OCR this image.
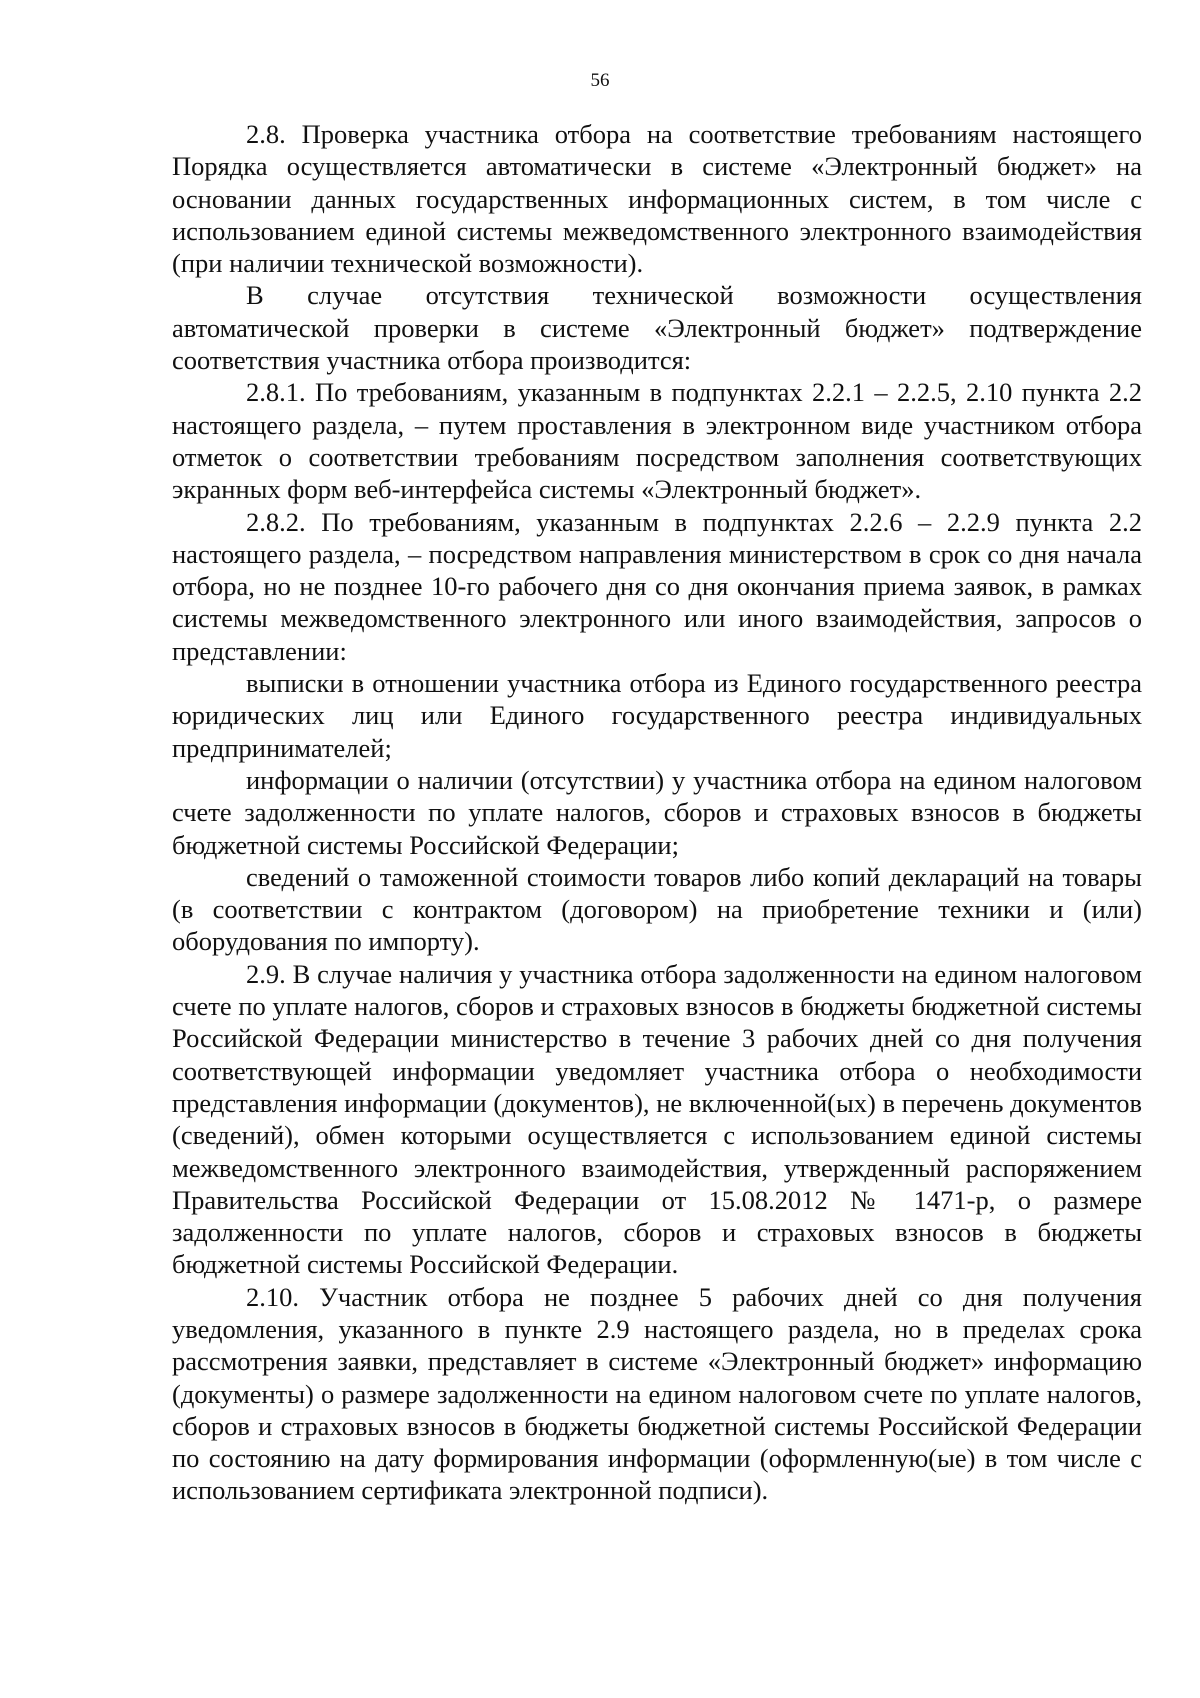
56

2.8. Проверка участника отбора на соответствие требованиям настоящего Порядка осуществляется автоматически в системе «Электронный бюджет» на основании данных государственных информационных систем, в том числе с использованием единой системы межведомственного электронного взаимодействия (при наличии технической возможности).

В случае отсутствия технической возможности осуществления автоматической проверки в системе «Электронный бюджет» подтверждение соответствия участника отбора производится:

2.8.1. По требованиям, указанным в подпунктах 2.2.1 – 2.2.5, 2.10 пункта 2.2 настоящего раздела, – путем проставления в электронном виде участником отбора отметок о соответствии требованиям посредством заполнения соответствующих экранных форм веб-интерфейса системы «Электронный бюджет».

2.8.2. По требованиям, указанным в подпунктах 2.2.6 – 2.2.9 пункта 2.2 настоящего раздела, – посредством направления министерством в срок со дня начала отбора, но не позднее 10-го рабочего дня со дня окончания приема заявок, в рамках системы межведомственного электронного или иного взаимодействия, запросов о представлении:

выписки в отношении участника отбора из Единого государственного реестра юридических лиц или Единого государственного реестра индивидуальных предпринимателей;

информации о наличии (отсутствии) у участника отбора на едином налоговом счете задолженности по уплате налогов, сборов и страховых взносов в бюджеты бюджетной системы Российской Федерации;

сведений о таможенной стоимости товаров либо копий деклараций на товары (в соответствии с контрактом (договором) на приобретение техники и (или) оборудования по импорту).

2.9. В случае наличия у участника отбора задолженности на едином налоговом счете по уплате налогов, сборов и страховых взносов в бюджеты бюджетной системы Российской Федерации министерство в течение 3 рабочих дней со дня получения соответствующей информации уведомляет участника отбора о необходимости представления информации (документов), не включенной(ых) в перечень документов (сведений), обмен которыми осуществляется с использованием единой системы межведомственного электронного взаимодействия, утвержденный распоряжением Правительства Российской Федерации от 15.08.2012 № 1471-р, о размере задолженности по уплате налогов, сборов и страховых взносов в бюджеты бюджетной системы Российской Федерации.

2.10. Участник отбора не позднее 5 рабочих дней со дня получения уведомления, указанного в пункте 2.9 настоящего раздела, но в пределах срока рассмотрения заявки, представляет в системе «Электронный бюджет» информацию (документы) о размере задолженности на едином налоговом счете по уплате налогов, сборов и страховых взносов в бюджеты бюджетной системы Российской Федерации по состоянию на дату формирования информации (оформленную(ые) в том числе с использованием сертификата электронной подписи).
